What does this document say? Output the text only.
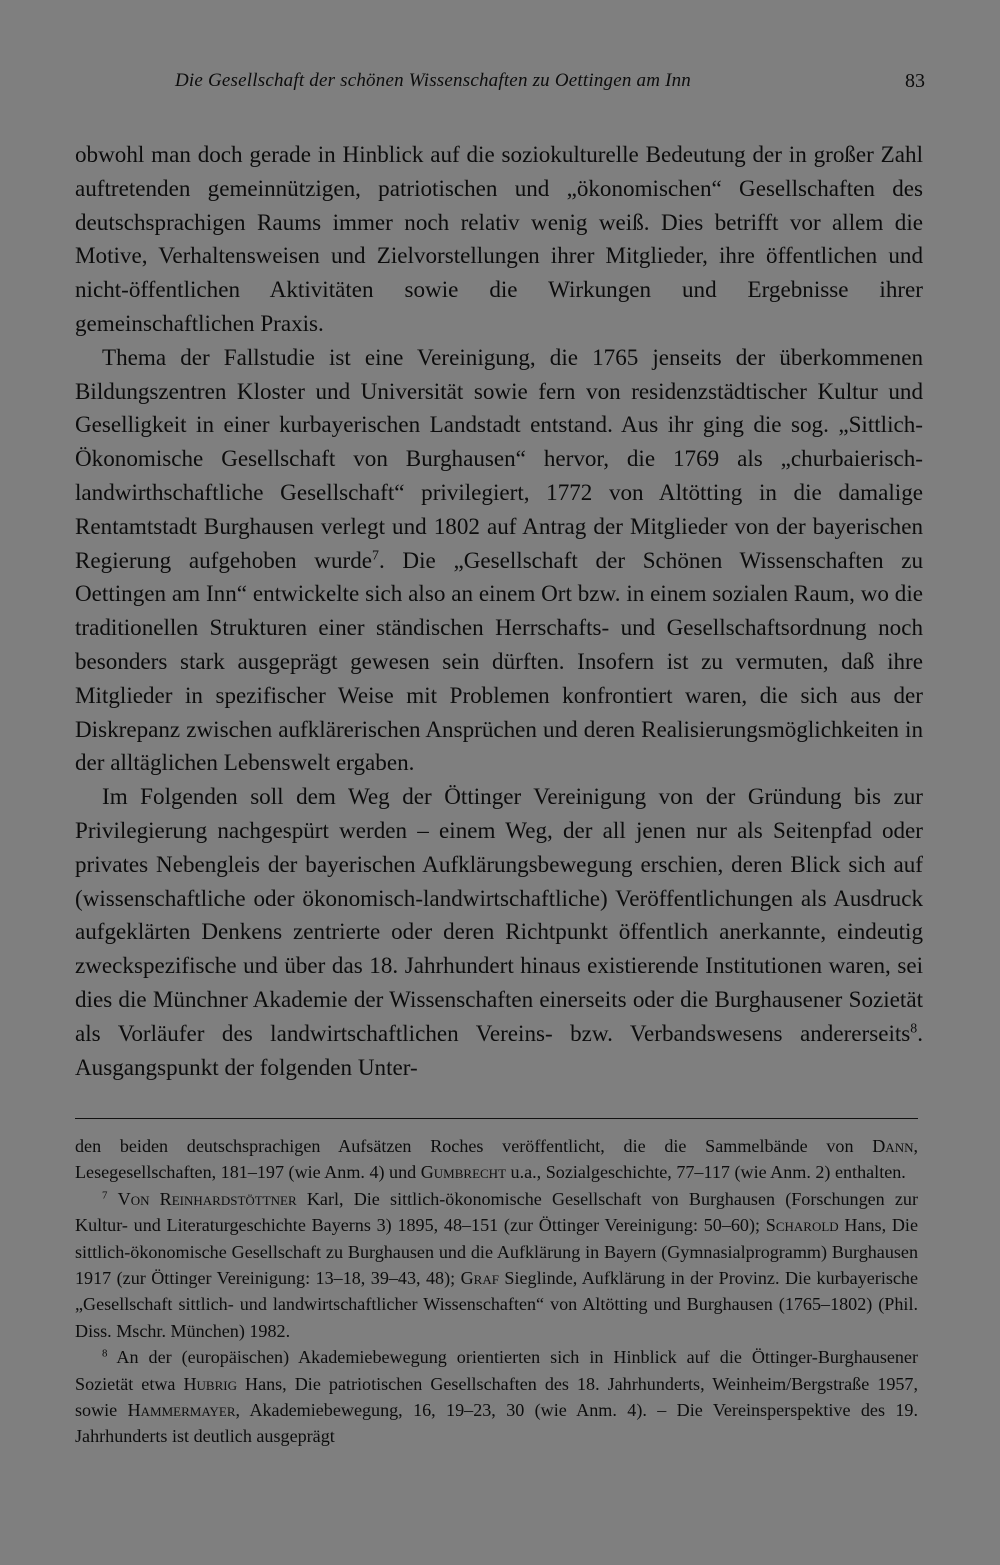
Die Gesellschaft der schönen Wissenschaften zu Oettingen am Inn	83

obwohl man doch gerade in Hinblick auf die soziokulturelle Bedeutung der in großer Zahl auftretenden gemeinnützigen, patriotischen und „ökonomischen“ Gesellschaften des deutschsprachigen Raums immer noch relativ wenig weiß. Dies betrifft vor allem die Motive, Verhaltensweisen und Zielvorstellungen ihrer Mitglieder, ihre öffentlichen und nicht-öffentlichen Aktivitäten sowie die Wirkungen und Ergebnisse ihrer gemeinschaftlichen Praxis.

Thema der Fallstudie ist eine Vereinigung, die 1765 jenseits der überkommenen Bildungszentren Kloster und Universität sowie fern von residenzstädtischer Kultur und Geselligkeit in einer kurbayerischen Landstadt entstand. Aus ihr ging die sog. „Sittlich-Ökonomische Gesellschaft von Burghausen“ hervor, die 1769 als „churbaierisch-landwirthschaftliche Gesellschaft“ privilegiert, 1772 von Altötting in die damalige Rentamtstadt Burghausen verlegt und 1802 auf Antrag der Mitglieder von der bayerischen Regierung aufgehoben wurde$^7$. Die „Gesellschaft der Schönen Wissenschaften zu Oettingen am Inn“ entwickelte sich also an einem Ort bzw. in einem sozialen Raum, wo die traditionellen Strukturen einer ständischen Herrschafts- und Gesellschaftsordnung noch besonders stark ausgeprägt gewesen sein dürften. Insofern ist zu vermuten, daß ihre Mitglieder in spezifischer Weise mit Problemen konfrontiert waren, die sich aus der Diskrepanz zwischen aufklärerischen Ansprüchen und deren Realisierungsmöglichkeiten in der alltäglichen Lebenswelt ergaben.

Im Folgenden soll dem Weg der Öttinger Vereinigung von der Gründung bis zur Privilegierung nachgespürt werden – einem Weg, der all jenen nur als Seitenpfad oder privates Nebengleis der bayerischen Aufklärungsbewegung erschien, deren Blick sich auf (wissenschaftliche oder ökonomisch-landwirtschaftliche) Veröffentlichungen als Ausdruck aufgeklärten Denkens zentrierte oder deren Richtpunkt öffentlich anerkannte, eindeutig zweckspezifische und über das 18. Jahrhundert hinaus existierende Institutionen waren, sei dies die Münchner Akademie der Wissenschaften einerseits oder die Burghausener Sozietät als Vorläufer des landwirtschaftlichen Vereins- bzw. Verbandswesens andererseits$^8$. Ausgangspunkt der folgenden Unter-

den beiden deutschsprachigen Aufsätzen Roches veröffentlicht, die die Sammelbände von Dann, Lesegesellschaften, 181–197 (wie Anm. 4) und Gumbrecht u.a., Sozialgeschichte, 77–117 (wie Anm. 2) enthalten.

$^7$ Von Reinhardstöttner Karl, Die sittlich-ökonomische Gesellschaft von Burghausen (Forschungen zur Kultur- und Literaturgeschichte Bayerns 3) 1895, 48–151 (zur Öttinger Vereinigung: 50–60); Scharold Hans, Die sittlich-ökonomische Gesellschaft zu Burghausen und die Aufklärung in Bayern (Gymnasialprogramm) Burghausen 1917 (zur Öttinger Vereinigung: 13–18, 39–43, 48); Graf Sieglinde, Aufklärung in der Provinz. Die kurbayerische „Gesellschaft sittlich- und landwirtschaftlicher Wissenschaften“ von Altötting und Burghausen (1765–1802) (Phil. Diss. Mschr. München) 1982.

$^8$ An der (europäischen) Akademiebewegung orientierten sich in Hinblick auf die Öttinger-Burghausener Sozietät etwa Hubrig Hans, Die patriotischen Gesellschaften des 18. Jahrhunderts, Weinheim/Bergstraße 1957, sowie Hammermayer, Akademiebewegung, 16, 19–23, 30 (wie Anm. 4). – Die Vereinsperspektive des 19. Jahrhunderts ist deutlich ausgeprägt
